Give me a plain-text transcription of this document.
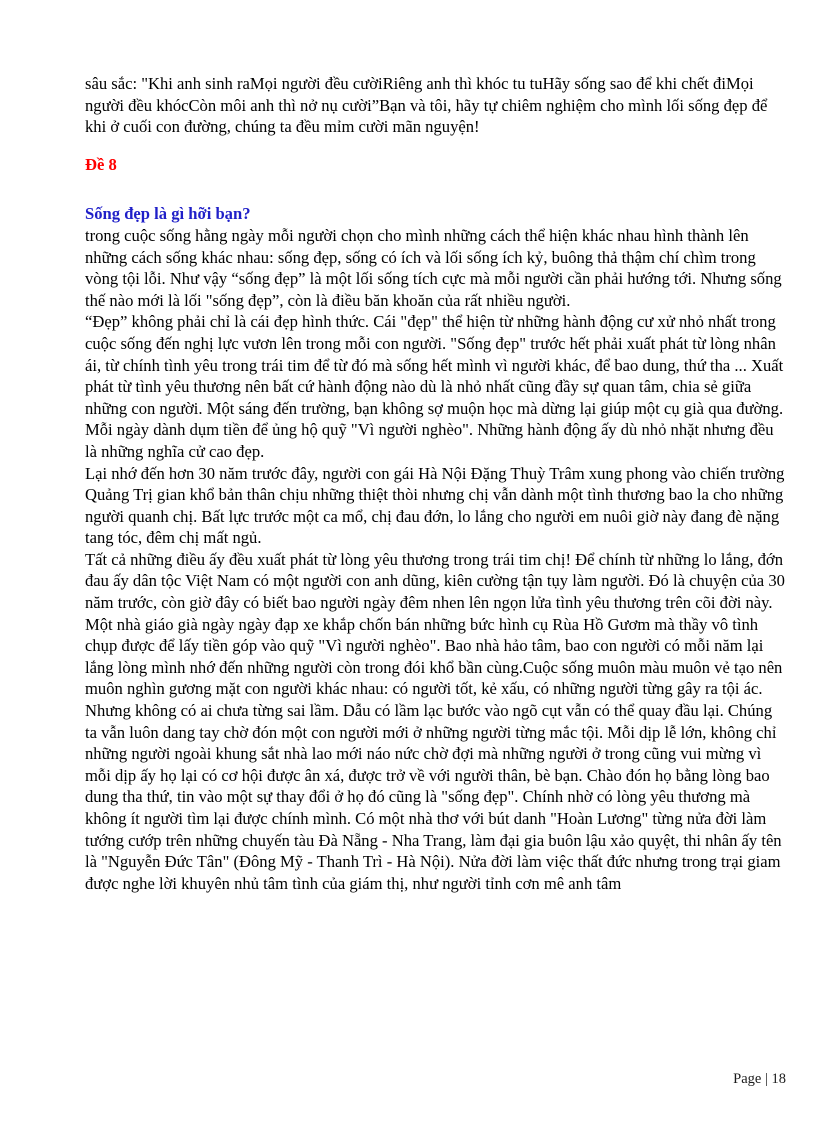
sâu sắc: "Khi anh sinh raMọi người đều cườiRiêng anh thì khóc tu tuHãy sống sao để khi chết điMọi người đều khócCòn môi anh thì nở nụ cười”Bạn và tôi, hãy tự chiêm nghiệm cho mình lối sống đẹp để khi ở cuối con đường, chúng ta đều mỉm cười mãn nguyện!

Đề 8

Sống đẹp là gì hỡi bạn?

trong cuộc sống hằng ngày mỗi người chọn cho mình những cách thể hiện khác nhau hình thành lên những cách sống khác nhau: sống đẹp, sống có ích và lối sống ích kỷ, buông thả thậm chí chìm trong vòng tội lỗi. Như vậy “sống đẹp” là một lối sống tích cực mà mỗi người cần phải hướng tới. Nhưng sống thế nào mới là lối "sống đẹp”, còn là điều băn khoăn của rất nhiều người.

“Đẹp” không phải chỉ là cái đẹp hình thức. Cái "đẹp" thể hiện từ những hành động cư xử nhỏ nhất trong cuộc sống đến nghị lực vươn lên trong mỗi con người. "Sống đẹp" trước hết phải xuất phát từ lòng nhân ái, từ chính tình yêu trong trái tim để từ đó mà sống hết mình vì người khác, để bao dung, thứ tha ... Xuất phát từ tình yêu thương nên bất cứ hành động nào dù là nhỏ nhất cũng đầy sự quan tâm, chia sẻ giữa những con người. Một sáng đến trường, bạn không sợ muộn học mà dừng lại giúp một cụ già qua đường. Mỗi ngày dành dụm tiền để ủng hộ quỹ "Vì người nghèo". Những hành động ấy dù nhỏ nhặt nhưng đều là những nghĩa cử cao đẹp.

Lại nhớ đến hơn 30 năm trước đây, người con gái Hà Nội Đặng Thuỳ Trâm xung phong vào chiến trường Quảng Trị gian khổ bản thân chịu những thiệt thòi nhưng chị vẫn dành một tình thương bao la cho những người quanh chị. Bất lực trước một ca mổ, chị đau đớn, lo lắng cho người em nuôi giờ này đang đè nặng tang tóc, đêm chị mất ngủ.

Tất cả những điều ấy đều xuất phát từ lòng yêu thương trong trái tim chị! Để chính từ những lo lắng, đớn đau ấy dân tộc Việt Nam có một người con anh dũng, kiên cường tận tụy làm người. Đó là chuyện của 30 năm trước, còn giờ đây có biết bao người ngày đêm nhen lên ngọn lửa tình yêu thương trên cõi đời này. Một nhà giáo già ngày ngày đạp xe khắp chốn bán những bức hình cụ Rùa Hồ Gươm mà thầy vô tình chụp được để lấy tiền góp vào quỹ "Vì người nghèo". Bao nhà hảo tâm, bao con người có mỗi năm lại lắng lòng mình nhớ đến những người còn trong đói khổ bần cùng.Cuộc sống muôn màu muôn vẻ tạo nên muôn nghìn gương mặt con người khác nhau: có người tốt, kẻ xấu, có những người từng gây ra tội ác. Nhưng không có ai chưa từng sai lầm. Dẫu có lầm lạc bước vào ngõ cụt vẫn có thể quay đầu lại. Chúng ta vẫn luôn dang tay chờ đón một con người mới ở những người từng mắc tội. Mỗi dịp lễ lớn, không chỉ những người ngoài khung sắt nhà lao mới náo nức chờ đợi mà những người ở trong cũng vui mừng vì mỗi dịp ấy họ lại có cơ hội được ân xá, được trở về với người thân, bè bạn. Chào đón họ bằng lòng bao dung tha thứ, tin vào một sự thay đổi ở họ đó cũng là "sống đẹp". Chính nhờ có lòng yêu thương mà không ít người tìm lại được chính mình. Có một nhà thơ với bút danh "Hoàn Lương" từng nửa đời làm tướng cướp trên những chuyến tàu Đà Nẵng - Nha Trang, làm đại gia buôn lậu xảo quyệt, thi nhân ấy tên là "Nguyễn Đức Tân" (Đông Mỹ - Thanh Trì - Hà Nội). Nửa đời làm việc thất đức nhưng trong trại giam được nghe lời khuyên nhủ tâm tình của giám thị, như người tỉnh cơn mê anh tâm

Page | 18
